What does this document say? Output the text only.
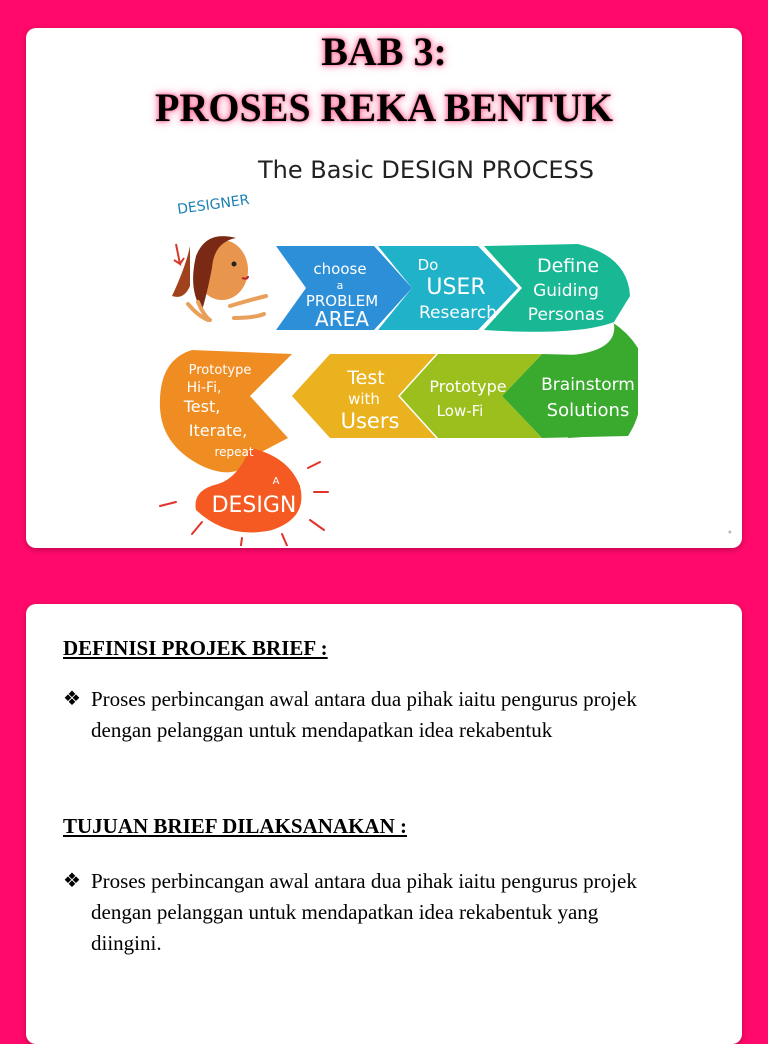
BAB 3:
PROSES REKA BENTUK
The Basic DESIGN PROCESS
DESIGNER
choose
a
PROBLEM
AREA
Do
USER
Research
Define
Guiding
Personas
Brainstorm
Solutions
Prototype
Low-Fi
Test
with
Users
Prototype
Hi-Fi,
Test,
Iterate,
repeat
A
DESIGN
●
DEFINISI PROJEK BRIEF :
❖ Proses perbincangan awal antara dua pihak iaitu pengurus projek dengan pelanggan untuk mendapatkan idea rekabentuk
TUJUAN BRIEF DILAKSANAKAN :
❖ Proses perbincangan awal antara dua pihak iaitu pengurus projek dengan pelanggan untuk mendapatkan idea rekabentuk yang diingini.
